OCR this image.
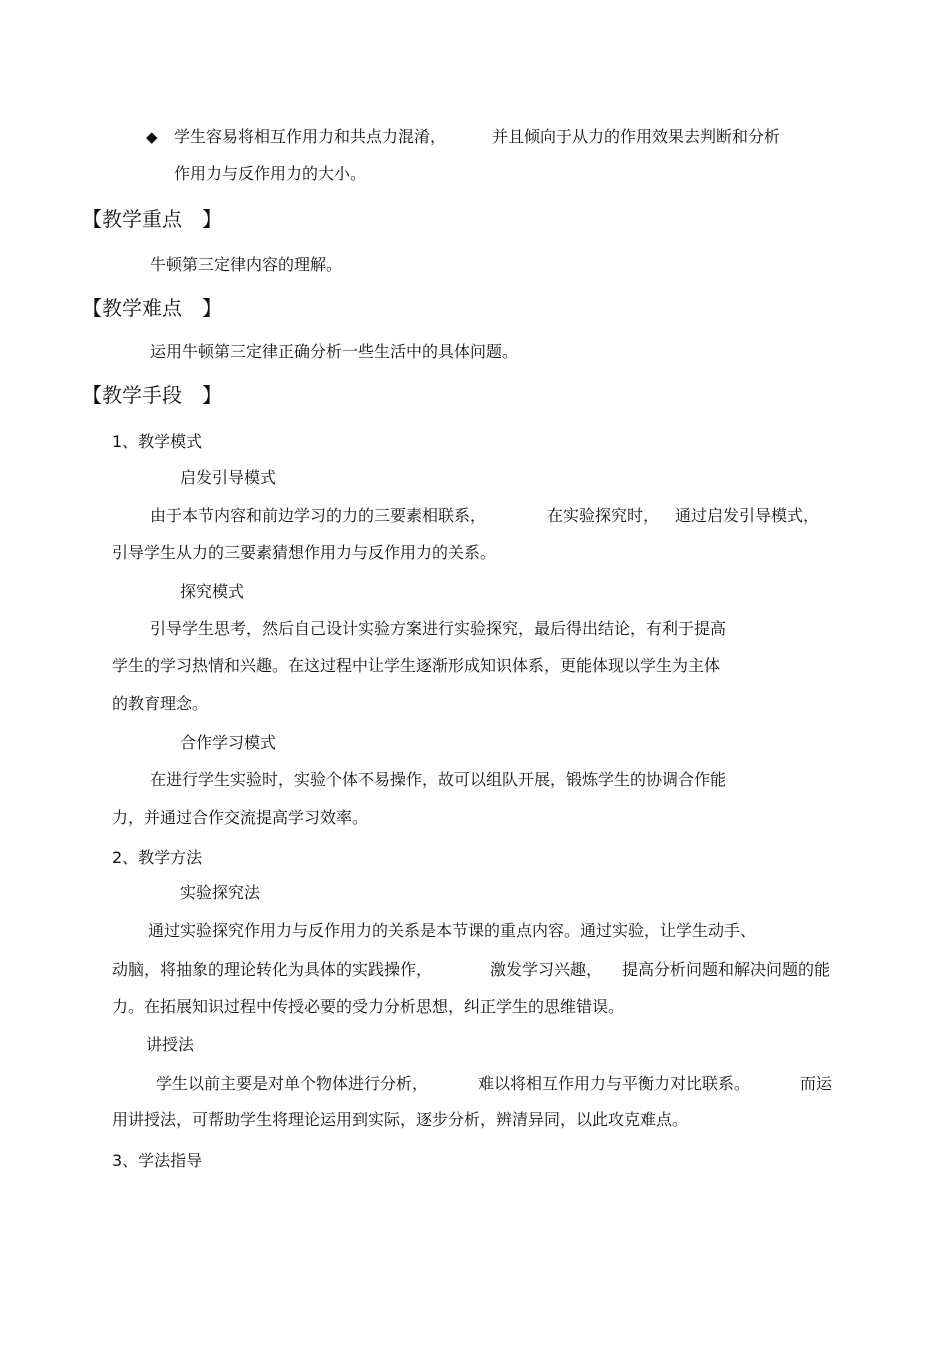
◆ 学生容易将相互作用力和共点力混淆，	并且倾向于从力的作用效果去判断和分析
作用力与反作用力的大小。
【教学重点　】
牛顿第三定律内容的理解。
【教学难点　】
运用牛顿第三定律正确分析一些生活中的具体问题。
【教学手段　】
1、教学模式
启发引导模式
由于本节内容和前边学习的力的三要素相联系，	在实验探究时， 通过启发引导模式，
引导学生从力的三要素猜想作用力与反作用力的关系。
探究模式
引导学生思考，然后自己设计实验方案进行实验探究，最后得出结论，有利于提高
学生的学习热情和兴趣。在这过程中让学生逐渐形成知识体系，更能体现以学生为主体
的教育理念。
合作学习模式
在进行学生实验时，实验个体不易操作，故可以组队开展，锻炼学生的协调合作能
力，并通过合作交流提高学习效率。
2、教学方法
实验探究法
通过实验探究作用力与反作用力的关系是本节课的重点内容。通过实验，让学生动手、
动脑，将抽象的理论转化为具体的实践操作，	激发学习兴趣， 提高分析问题和解决问题的能
力。在拓展知识过程中传授必要的受力分析思想，纠正学生的思维错误。
讲授法
学生以前主要是对单个物体进行分析，	难以将相互作用力与平衡力对比联系。	而运
用讲授法，可帮助学生将理论运用到实际，逐步分析，辨清异同，以此攻克难点。
3、学法指导
